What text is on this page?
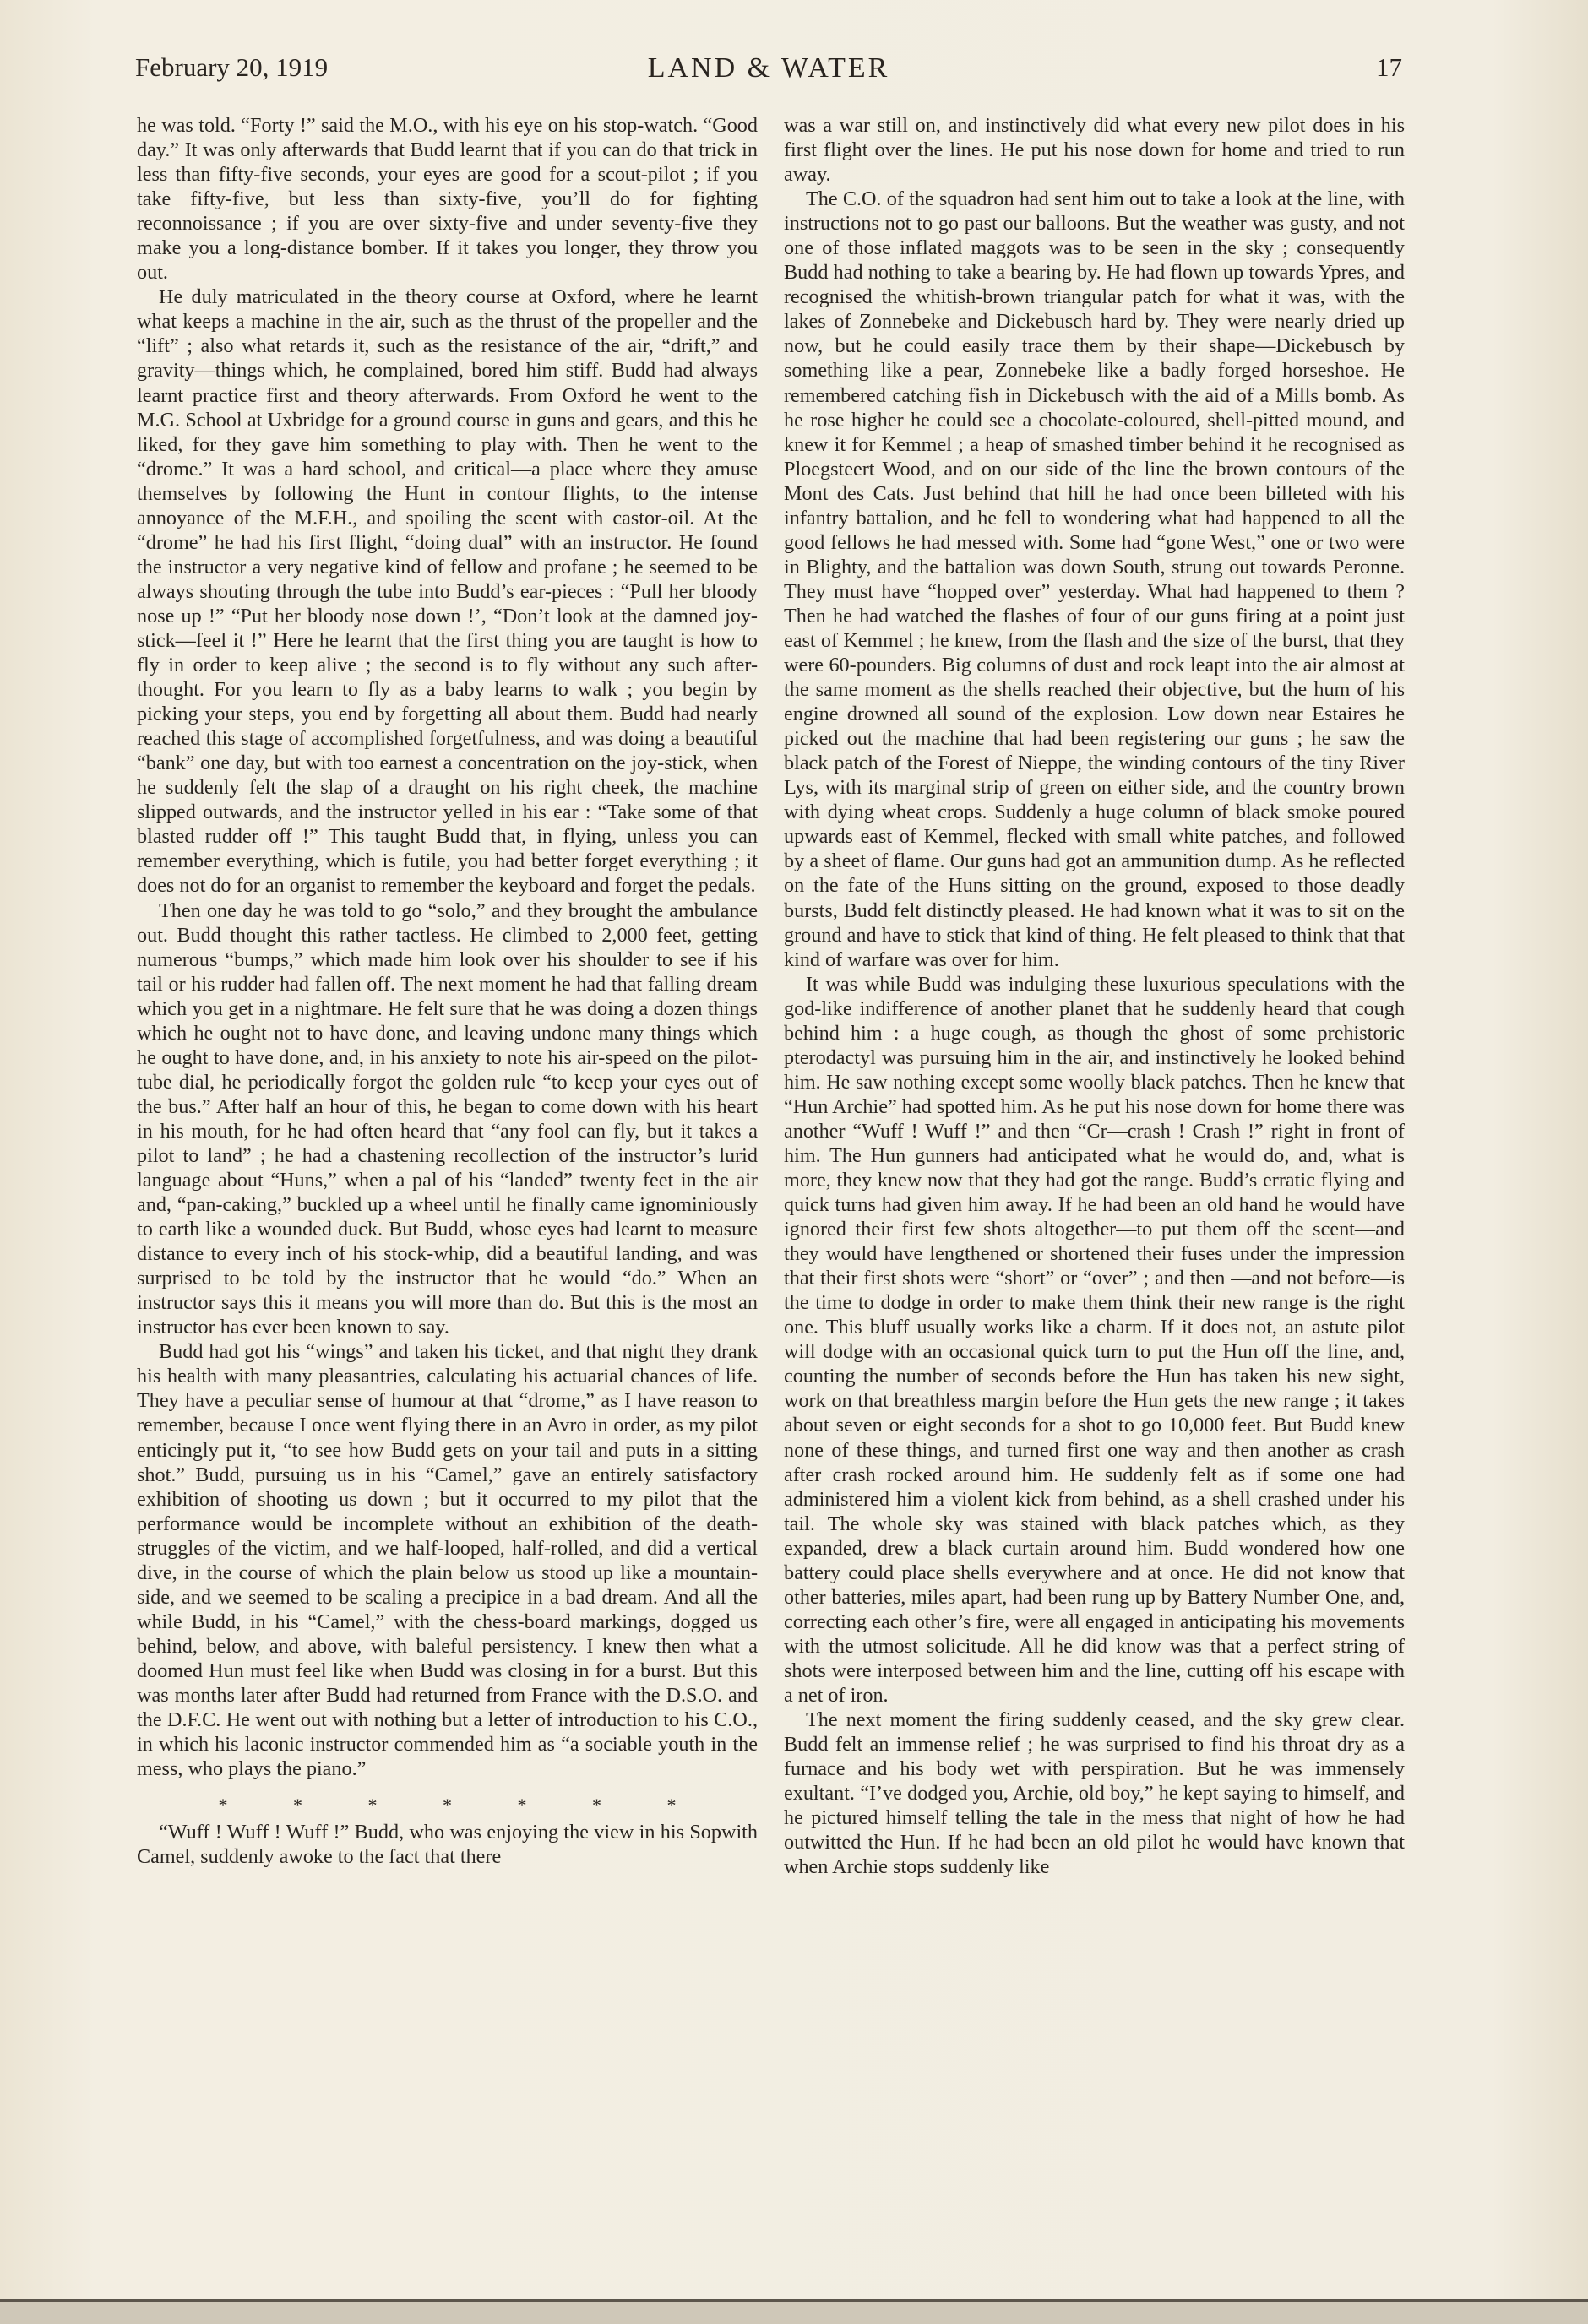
February 20, 1919	LAND & WATER	17

he was told. “Forty !” said the M.O., with his eye on his stop-watch. “Good day.” It was only afterwards that Budd learnt that if you can do that trick in less than fifty-five seconds, your eyes are good for a scout-pilot ; if you take fifty-five, but less than sixty-five, you’ll do for fighting reconnoissance ; if you are over sixty-five and under seventy-five they make you a long-distance bomber. If it takes you longer, they throw you out.

He duly matriculated in the theory course at Oxford, where he learnt what keeps a machine in the air, such as the thrust of the propeller and the “lift” ; also what retards it, such as the resistance of the air, “drift,” and gravity—things which, he complained, bored him stiff. Budd had always learnt practice first and theory afterwards. From Oxford he went to the M.G. School at Uxbridge for a ground course in guns and gears, and this he liked, for they gave him something to play with. Then he went to the “drome.” It was a hard school, and critical—a place where they amuse themselves by following the Hunt in contour flights, to the intense annoyance of the M.F.H., and spoiling the scent with castor-oil. At the “drome” he had his first flight, “doing dual” with an instructor. He found the instructor a very negative kind of fellow and profane ; he seemed to be always shouting through the tube into Budd’s ear-pieces : “Pull her bloody nose up !” “Put her bloody nose down !’, “Don’t look at the damned joy-stick—feel it !” Here he learnt that the first thing you are taught is how to fly in order to keep alive ; the second is to fly without any such after-thought. For you learn to fly as a baby learns to walk ; you begin by picking your steps, you end by forgetting all about them. Budd had nearly reached this stage of accomplished forgetfulness, and was doing a beautiful “bank” one day, but with too earnest a concentration on the joy-stick, when he suddenly felt the slap of a draught on his right cheek, the machine slipped outwards, and the instructor yelled in his ear : “Take some of that blasted rudder off !” This taught Budd that, in flying, unless you can remember everything, which is futile, you had better forget everything ; it does not do for an organist to remember the keyboard and forget the pedals.

Then one day he was told to go “solo,” and they brought the ambulance out. Budd thought this rather tactless. He climbed to 2,000 feet, getting numerous “bumps,” which made him look over his shoulder to see if his tail or his rudder had fallen off. The next moment he had that falling dream which you get in a nightmare. He felt sure that he was doing a dozen things which he ought not to have done, and leaving undone many things which he ought to have done, and, in his anxiety to note his air-speed on the pilot-tube dial, he periodically forgot the golden rule “to keep your eyes out of the bus.” After half an hour of this, he began to come down with his heart in his mouth, for he had often heard that “any fool can fly, but it takes a pilot to land” ; he had a chastening recollection of the instructor’s lurid language about “Huns,” when a pal of his “landed” twenty feet in the air and, “pan-caking,” buckled up a wheel until he finally came ignominiously to earth like a wounded duck. But Budd, whose eyes had learnt to measure distance to every inch of his stock-whip, did a beautiful landing, and was surprised to be told by the instructor that he would “do.” When an instructor says this it means you will more than do. But this is the most an instructor has ever been known to say.

Budd had got his “wings” and taken his ticket, and that night they drank his health with many pleasantries, calculating his actuarial chances of life. They have a peculiar sense of humour at that “drome,” as I have reason to remember, because I once went flying there in an Avro in order, as my pilot enticingly put it, “to see how Budd gets on your tail and puts in a sitting shot.” Budd, pursuing us in his “Camel,” gave an entirely satisfactory exhibition of shooting us down ; but it occurred to my pilot that the performance would be incomplete without an exhibition of the death-struggles of the victim, and we half-looped, half-rolled, and did a vertical dive, in the course of which the plain below us stood up like a mountain-side, and we seemed to be scaling a precipice in a bad dream. And all the while Budd, in his “Camel,” with the chess-board markings, dogged us behind, below, and above, with baleful persistency. I knew then what a doomed Hun must feel like when Budd was closing in for a burst. But this was months later after Budd had returned from France with the D.S.O. and the D.F.C. He went out with nothing but a letter of introduction to his C.O., in which his laconic instructor commended him as “a sociable youth in the mess, who plays the piano.”

* * * * * * *

“Wuff ! Wuff ! Wuff !” Budd, who was enjoying the view in his Sopwith Camel, suddenly awoke to the fact that there

was a war still on, and instinctively did what every new pilot does in his first flight over the lines. He put his nose down for home and tried to run away.

The C.O. of the squadron had sent him out to take a look at the line, with instructions not to go past our balloons. But the weather was gusty, and not one of those inflated maggots was to be seen in the sky ; consequently Budd had nothing to take a bearing by. He had flown up towards Ypres, and recognised the whitish-brown triangular patch for what it was, with the lakes of Zonnebeke and Dickebusch hard by. They were nearly dried up now, but he could easily trace them by their shape—Dickebusch by something like a pear, Zonnebeke like a badly forged horseshoe. He remembered catching fish in Dickebusch with the aid of a Mills bomb. As he rose higher he could see a chocolate-coloured, shell-pitted mound, and knew it for Kemmel ; a heap of smashed timber behind it he recognised as Ploegsteert Wood, and on our side of the line the brown contours of the Mont des Cats. Just behind that hill he had once been billeted with his infantry battalion, and he fell to wondering what had happened to all the good fellows he had messed with. Some had “gone West,” one or two were in Blighty, and the battalion was down South, strung out towards Peronne. They must have “hopped over” yesterday. What had happened to them ? Then he had watched the flashes of four of our guns firing at a point just east of Kemmel ; he knew, from the flash and the size of the burst, that they were 60-pounders. Big columns of dust and rock leapt into the air almost at the same moment as the shells reached their objective, but the hum of his engine drowned all sound of the explosion. Low down near Estaires he picked out the machine that had been registering our guns ; he saw the black patch of the Forest of Nieppe, the winding contours of the tiny River Lys, with its marginal strip of green on either side, and the country brown with dying wheat crops. Suddenly a huge column of black smoke poured upwards east of Kemmel, flecked with small white patches, and followed by a sheet of flame. Our guns had got an ammunition dump. As he reflected on the fate of the Huns sitting on the ground, exposed to those deadly bursts, Budd felt distinctly pleased. He had known what it was to sit on the ground and have to stick that kind of thing. He felt pleased to think that that kind of warfare was over for him.

It was while Budd was indulging these luxurious speculations with the god-like indifference of another planet that he suddenly heard that cough behind him : a huge cough, as though the ghost of some prehistoric pterodactyl was pursuing him in the air, and instinctively he looked behind him. He saw nothing except some woolly black patches. Then he knew that “Hun Archie” had spotted him. As he put his nose down for home there was another “Wuff ! Wuff !” and then “Cr—crash ! Crash !” right in front of him. The Hun gunners had anticipated what he would do, and, what is more, they knew now that they had got the range. Budd’s erratic flying and quick turns had given him away. If he had been an old hand he would have ignored their first few shots altogether—to put them off the scent—and they would have lengthened or shortened their fuses under the impression that their first shots were “short” or “over” ; and then —and not before—is the time to dodge in order to make them think their new range is the right one. This bluff usually works like a charm. If it does not, an astute pilot will dodge with an occasional quick turn to put the Hun off the line, and, counting the number of seconds before the Hun has taken his new sight, work on that breathless margin before the Hun gets the new range ; it takes about seven or eight seconds for a shot to go 10,000 feet. But Budd knew none of these things, and turned first one way and then another as crash after crash rocked around him. He suddenly felt as if some one had administered him a violent kick from behind, as a shell crashed under his tail. The whole sky was stained with black patches which, as they expanded, drew a black curtain around him. Budd wondered how one battery could place shells everywhere and at once. He did not know that other batteries, miles apart, had been rung up by Battery Number One, and, correcting each other’s fire, were all engaged in anticipating his movements with the utmost solicitude. All he did know was that a perfect string of shots were interposed between him and the line, cutting off his escape with a net of iron.

The next moment the firing suddenly ceased, and the sky grew clear. Budd felt an immense relief ; he was surprised to find his throat dry as a furnace and his body wet with perspiration. But he was immensely exultant. “I’ve dodged you, Archie, old boy,” he kept saying to himself, and he pictured himself telling the tale in the mess that night of how he had outwitted the Hun. If he had been an old pilot he would have known that when Archie stops suddenly like
